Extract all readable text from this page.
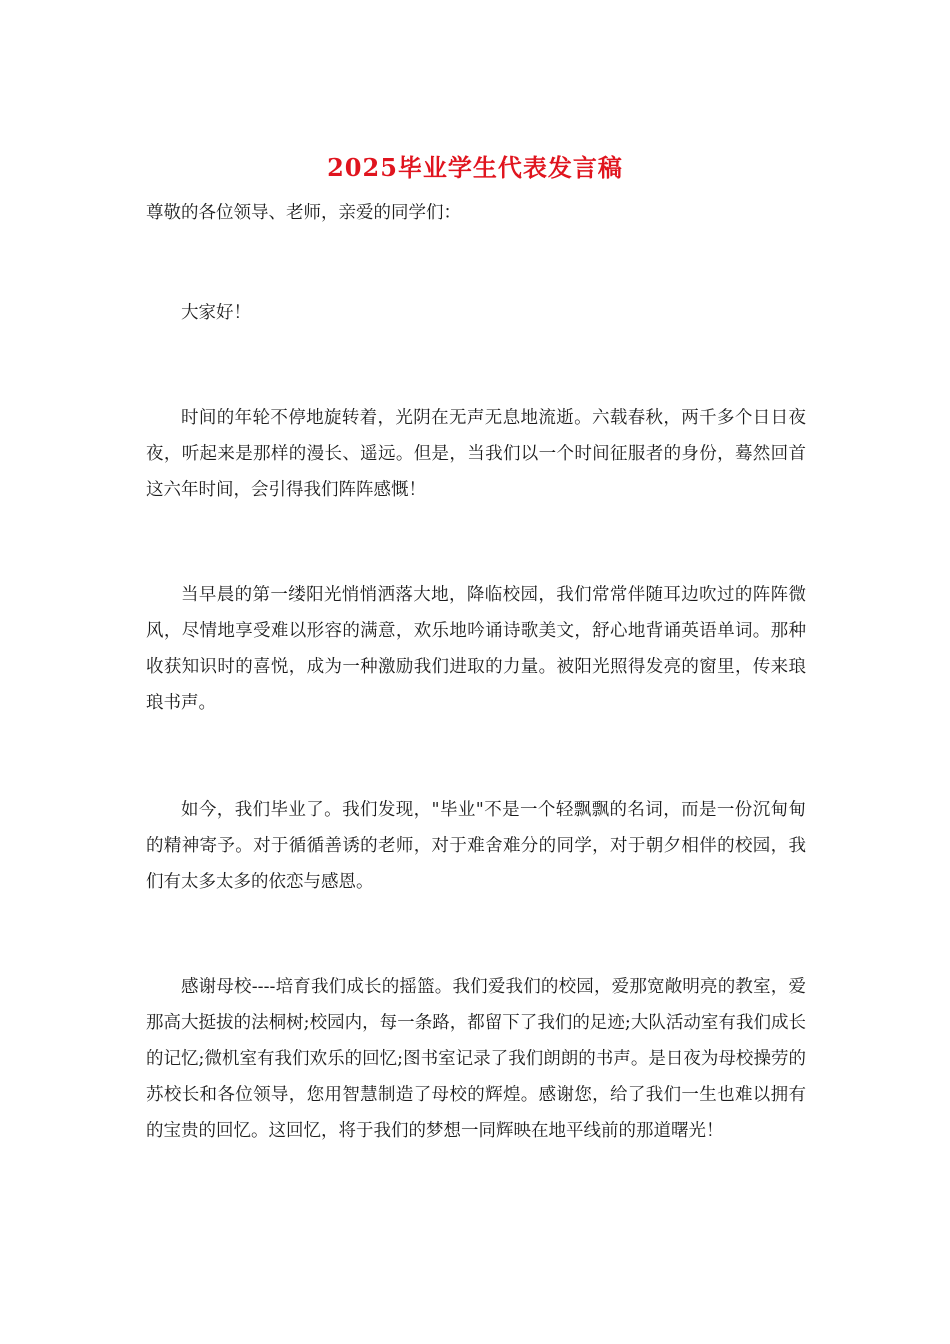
2025毕业学生代表发言稿
尊敬的各位领导、老师，亲爱的同学们：

大家好！

时间的年轮不停地旋转着，光阴在无声无息地流逝。六载春秋，两千多个日日夜夜，听起来是那样的漫长、遥远。但是，当我们以一个时间征服者的身份，蓦然回首这六年时间，会引得我们阵阵感慨！

当早晨的第一缕阳光悄悄洒落大地，降临校园，我们常常伴随耳边吹过的阵阵微风，尽情地享受难以形容的满意，欢乐地吟诵诗歌美文，舒心地背诵英语单词。那种收获知识时的喜悦，成为一种激励我们进取的力量。被阳光照得发亮的窗里，传来琅琅书声。

如今，我们毕业了。我们发现，"毕业"不是一个轻飘飘的名词，而是一份沉甸甸的精神寄予。对于循循善诱的老师，对于难舍难分的同学，对于朝夕相伴的校园，我们有太多太多的依恋与感恩。

感谢母校----培育我们成长的摇篮。我们爱我们的校园，爱那宽敞明亮的教室，爱那高大挺拔的法桐树;校园内，每一条路，都留下了我们的足迹;大队活动室有我们成长的记忆;微机室有我们欢乐的回忆;图书室记录了我们朗朗的书声。是日夜为母校操劳的苏校长和各位领导，您用智慧制造了母校的辉煌。感谢您，给了我们一生也难以拥有的宝贵的回忆。这回忆，将于我们的梦想一同辉映在地平线前的那道曙光！
